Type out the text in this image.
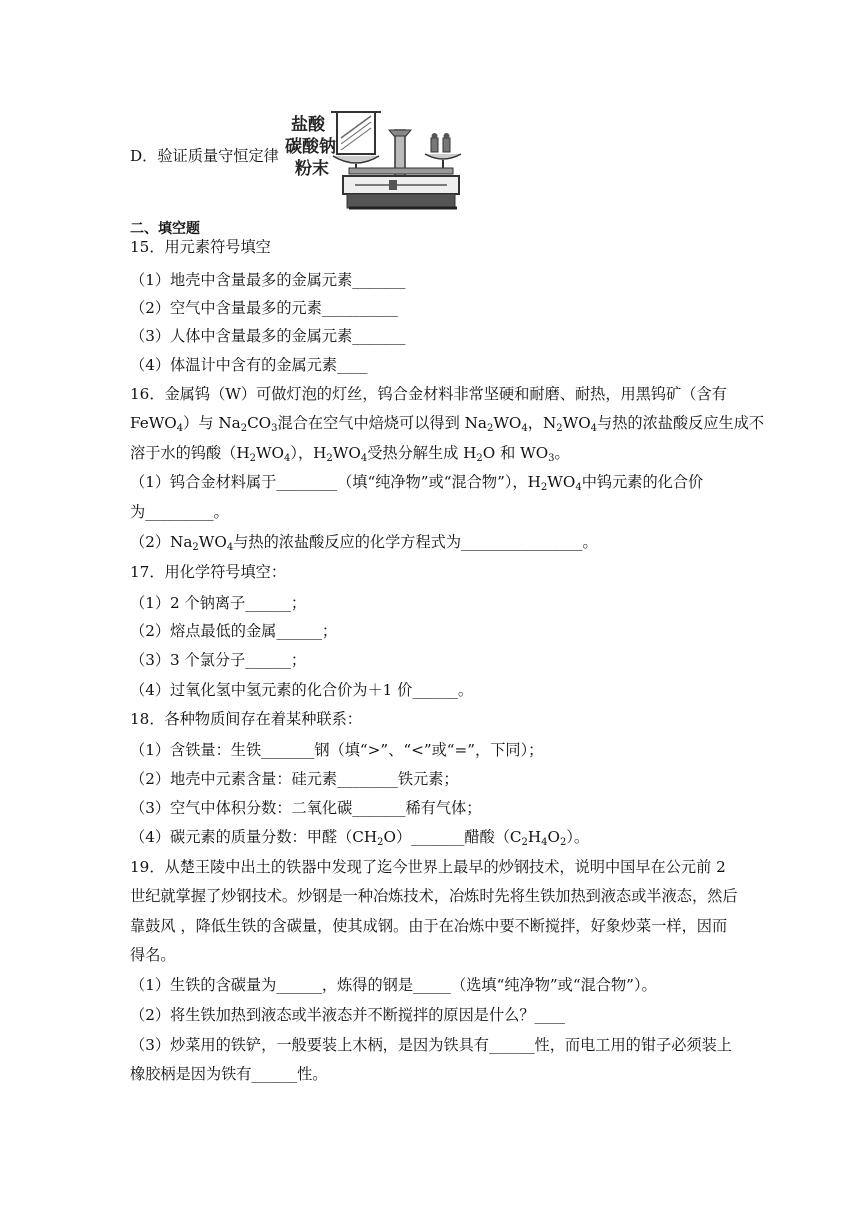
D．验证质量守恒定律
盐酸
碳酸钠
粉末
二、填空题
15．用元素符号填空
（1）地壳中含量最多的金属元素_______
（2）空气中含量最多的元素__________
（3）人体中含量最多的金属元素_______
（4）体温计中含有的金属元素____
16．金属钨（W）可做灯泡的灯丝，钨合金材料非常坚硬和耐磨、耐热，用黑钨矿（含有
FeWO$_4$）与 $Na_2CO_3$混合在空气中焙烧可以得到 $Na_2WO_4$，$N_2WO_4$与热的浓盐酸反应生成不
溶于水的钨酸$(H_2WO_4)$，$H_2WO_4$受热分解生成 $H_2O$ 和 $WO_3$。
（1）钨合金材料属于________（填“纯净物”或“混合物”），$H_2WO_4$中钨元素的化合价
为_________。
$(2)Na_2WO_4$与热的浓盐酸反应的化学方程式为________________。
17．用化学符号填空：
（1）2 个钠离子______；
（2）熔点最低的金属______；
（3）3 个氯分子______；
（4）过氧化氢中氢元素的化合价为＋1 价______。
18．各种物质间存在着某种联系：
（1）含铁量：生铁_______钢（填“>”、“<”或“=”，下同）；
（2）地壳中元素含量：硅元素________铁元素；
（3）空气中体积分数：二氧化碳_______稀有气体；
（4）碳元素的质量分数：甲醛$(CH_2O)\_\_\_\_\_\_\_$醋酸$(C_2H_4O_2)$。
19．从楚王陵中出土的铁器中发现了迄今世界上最早的炒钢技术，说明中国早在公元前 2
世纪就掌握了炒钢技术。炒钢是一种冶炼技术，冶炼时先将生铁加热到液态或半液态，然后
靠鼓风 ，降低生铁的含碳量，使其成钢。由于在冶炼中要不断搅拌，好象炒菜一样，因而
得名。
（1）生铁的含碳量为______，炼得的钢是_____（选填“纯净物”或“混合物”）。
（2）将生铁加热到液态或半液态并不断搅拌的原因是什么？____
（3）炒菜用的铁铲，一般要装上木柄，是因为铁具有______性，而电工用的钳子必须装上
橡胶柄是因为铁有______性。
